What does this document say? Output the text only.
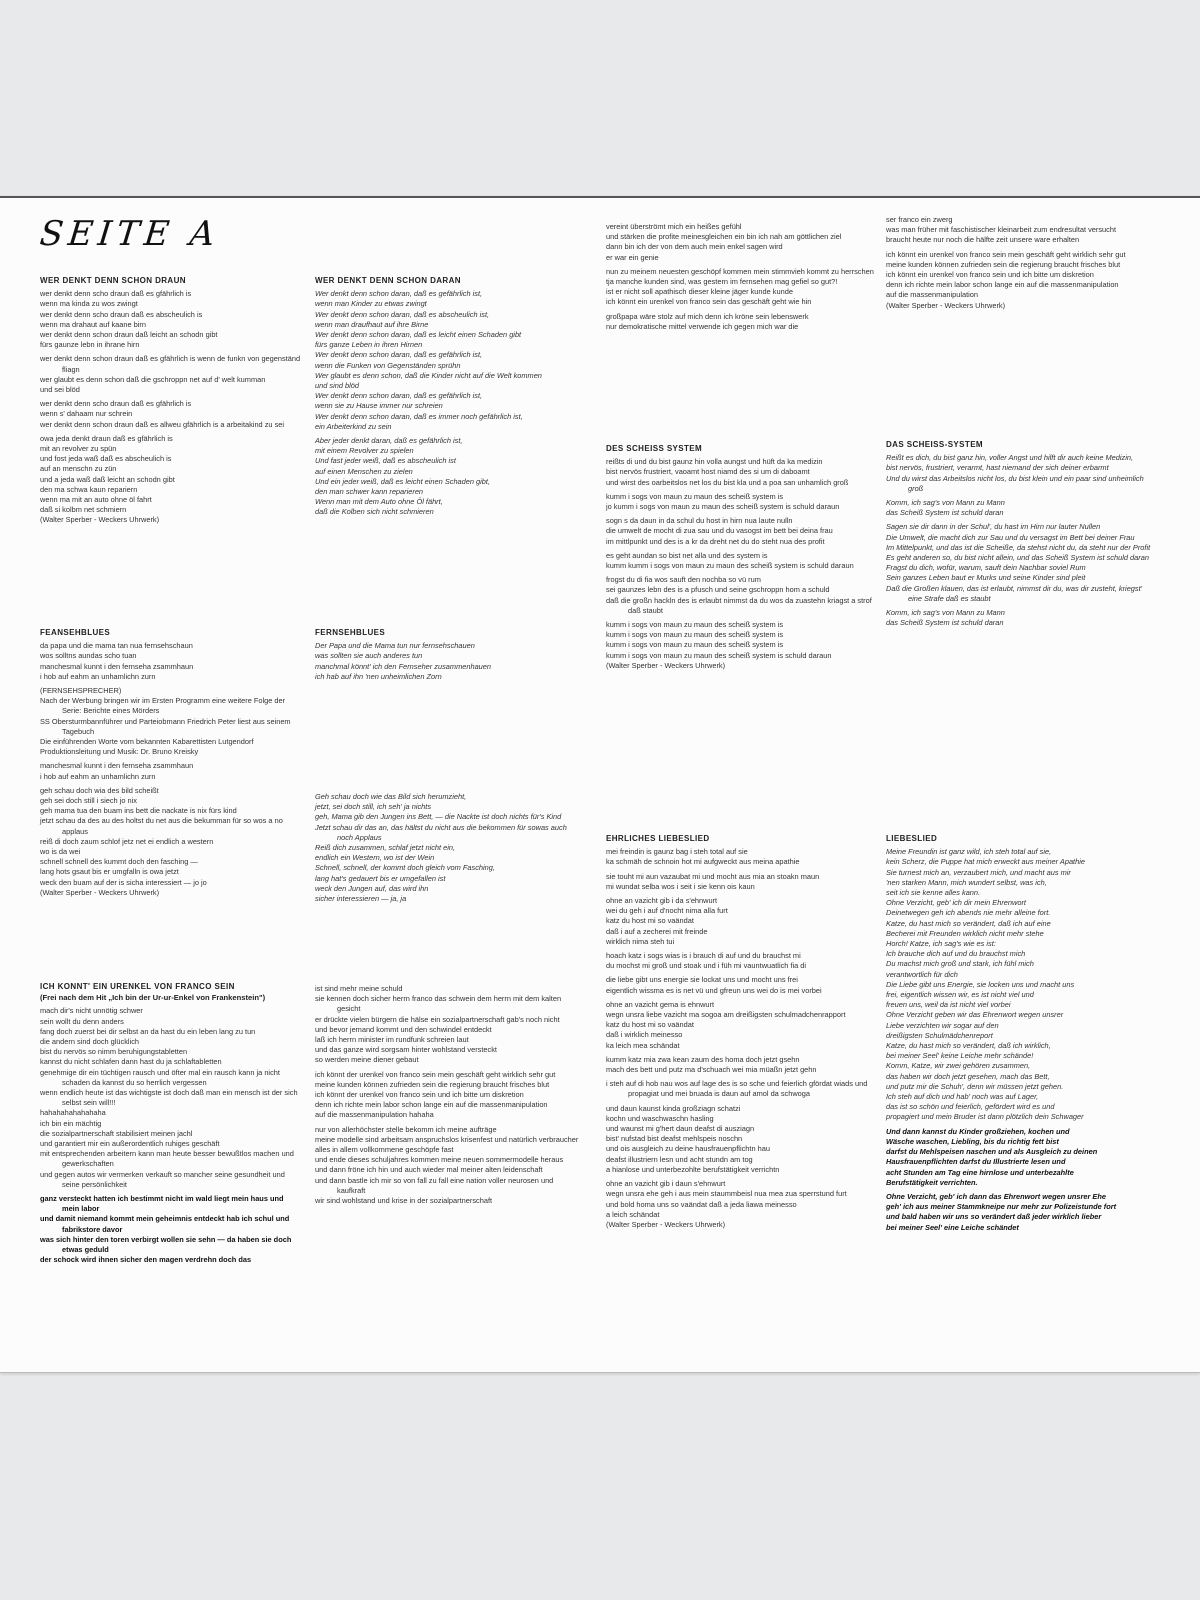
SEITE A
WER DENKT DENN SCHON DRAUN
wer denkt denn scho draun daß es gfährlich is
wenn ma kinda zu wos zwingt
wer denkt denn scho draun daß es abscheulich is
wenn ma drahaut auf kaane birn
wer denkt denn schon draun daß leicht an schodn gibt
fürs gaunze lebn in ihrane hirn
wer denkt denn schon draun daß es gfährlich is wenn de funkn von gegenständ fliagn
wer glaubt es denn schon daß die gschroppn net auf d' welt kumman
und sei blöd
wer denkt denn scho draun daß es gfährlich is
wenn s' dahaam nur schrein
wer denkt denn schon draun daß es allweu gfährlich is a arbeitakind zu sei
owa jeda denkt draun daß es gfährlich is
mit an revolver zu spün
und fost jeda waß daß es abscheulich is
auf an menschn zu zün
und a jeda waß daß leicht an schodn gibt
den ma schwa kaun repariern
wenn ma mit an auto ohne öl fahrt
daß si kolbm net schmiern
(Walter Sperber - Weckers Uhrwerk)
FEANSEHBLUES
da papa und die mama tan nua fernsehschaun
wos solltns aundas scho tuan
manchesmal kunnt i den fernseha zsammhaun
i hob auf eahm an unhamlichn zurn
(FERNSEHSPRECHER)
Nach der Werbung bringen wir im Ersten Programm eine weitere Folge der Serie: Berichte eines Mörders
SS Obersturmbannführer und Parteiobmann Friedrich Peter liest aus seinem Tagebuch
Die einführenden Worte vom bekannten Kabarettisten Lutgendorf
Produktionsleitung und Musik: Dr. Bruno Kreisky
manchesmal kunnt i den fernseha zsammhaun
i hob auf eahm an unhamlichn zurn
geh schau doch wia des bild scheißt
geh sei doch still i siech jo nix
geh mama tua den buam ins bett die nackate is nix fürs kind
jetzt schau da des au des holtst du net aus die bekumman für so wos a no applaus
reiß di doch zaum schlof jetz net ei endlich a western
wo is da wei
schnell schnell des kummt doch den fasching —
lang hots gsaut bis er umgfalln is owa jetzt
weck den buam auf der is sicha interessiert — jo jo
(Walter Sperber - Weckers Uhrwerk)
ICH KONNT' EIN URENKEL VON FRANCO SEIN
(Frei nach dem Hit „Ich bin der Ur-ur-Enkel von Frankenstein")
mach dir's nicht unnötig schwer
sein wollt du denn anders
fang doch zuerst bei dir selbst an da hast du ein leben lang zu tun
die andern sind doch glücklich
bist du nervös so nimm beruhigungstabletten
kannst du nicht schlafen dann hast du ja schlaftabletten
genehmige dir ein tüchtigen rausch und öfter mal ein rausch kann ja nicht schaden da kannst du so herrlich vergessen
wenn endlich heute ist das wichtigste ist doch daß man ein mensch ist der sich selbst sein will!!!
hahahahahahahaha
ich bin ein mächtig
die sozialpartnerschaft stabilisiert meinen jachl
und garantiert mir ein außerordentlich ruhiges geschäft
mit entsprechenden arbeitern kann man heute besser bewußtlos machen und gewerkschaften
und gegen autos wir vermerken verkauft so mancher seine gesundheit und seine persönlichkeit
ganz versteckt hatten ich bestimmt nicht im wald liegt mein haus und mein labor
und damit niemand kommt mein geheimnis entdeckt hab ich schul und fabrikstore davor
was sich hinter den toren verbirgt wollen sie sehn — da haben sie doch etwas geduld
der schock wird ihnen sicher den magen verdrehn doch das
WER DENKT DENN SCHON DARAN
Wer denkt denn schon daran, daß es gefährlich ist,
wenn man Kinder zu etwas zwingt
Wer denkt denn schon daran, daß es abscheulich ist,
wenn man draufhaut auf ihre Birne
Wer denkt denn schon daran, daß es leicht einen Schaden gibt
fürs ganze Leben in ihren Hirnen
Wer denkt denn schon daran, daß es gefährlich ist,
wenn die Funken von Gegenständen sprühn
Wer glaubt es denn schon, daß die Kinder nicht auf die Welt kommen
und sind blöd
Wer denkt denn schon daran, daß es gefährlich ist,
wenn sie zu Hause immer nur schreien
Wer denkt denn schon daran, daß es immer noch gefährlich ist,
ein Arbeiterkind zu sein
Aber jeder denkt daran, daß es gefährlich ist,
mit einem Revolver zu spielen
Und fast jeder weiß, daß es abscheulich ist
auf einen Menschen zu zielen
Und ein jeder weiß, daß es leicht einen Schaden gibt,
den man schwer kann reparieren
Wenn man mit dem Auto ohne Öl fährt,
daß die Kolben sich nicht schmieren
FERNSEHBLUES
Der Papa und die Mama tun nur fernsehschauen
was sollten sie auch anderes tun
manchmal könnt' ich den Fernseher zusammenhauen
ich hab auf ihn 'nen unheimlichen Zorn
Geh schau doch wie das Bild sich herumzieht,
jetzt, sei doch still, ich seh' ja nichts
geh, Mama gib den Jungen ins Bett, — die Nackte ist doch nichts für's Kind
Jetzt schau dir das an, das hältst du nicht aus die bekommen für sowas auch noch Applaus
Reiß dich zusammen, schlaf jetzt nicht ein,
endlich ein Western, wo ist der Wein
Schnell, schnell, der kommt doch gleich vom Fasching,
lang hat's gedauert bis er umgefallen ist
weck den Jungen auf, das wird ihn
sicher interessieren — ja, ja
ist sind mehr meine schuld
sie kennen doch sicher herrn franco das schwein dem herrn mit dem kalten gesicht
er drückte vielen bürgern die hälse ein sozialpartnerschaft gab's noch nicht
und bevor jemand kommt und den schwindel entdeckt
laß ich herrn minister im rundfunk schreien laut
und das ganze wird sorgsam hinter wohlstand versteckt
so werden meine diener gebaut
ich könnt der urenkel von franco sein mein geschäft geht wirklich sehr gut
meine kunden können zufrieden sein die regierung braucht frisches blut
ich könnt der urenkel von franco sein und ich bitte um diskretion
denn ich richte mein labor schon lange ein auf die massenmanipulation
auf die massenmanipulation hahaha
nur von allerhöchster stelle bekomm ich meine aufträge
meine modelle sind arbeitsam anspruchslos krisenfest und natürlich verbraucher
alles in allem vollkommene geschöpfe fast
und ende dieses schuljahres kommen meine neuen sommermodelle heraus
und dann fröne ich hin und auch wieder mal meiner alten leidenschaft
und dann bastle ich mir so von fall zu fall eine nation voller neurosen und kaufkraft
wir sind wohlstand und krise in der sozialpartnerschaft
vereint überströmt mich ein heißes gefühl
und stärken die profite meinesgleichen ein bin ich nah am göttlichen ziel
dann bin ich der von dem auch mein enkel sagen wird
er war ein genie
nun zu meinem neuesten geschöpf kommen mein stimmvieh kommt zu herrschen
tja manche kunden sind, was gestern im fernsehen mag gefiel so gut?!
ist er nicht soll apathisch dieser kleine jäger kunde kunde
ich könnt ein urenkel von franco sein das geschäft geht wie hin
großpapa wäre stolz auf mich denn ich kröne sein lebenswerk
nur demokratische mittel verwende ich gegen mich war die
DES SCHEISS SYSTEM
reißts di und du bist gaunz hin volla aungst und hüft da ka medizin
bist nervös frustriert, vaoamt host niamd des si um di daboamt
und wirst des oarbeitslos net los du bist kla und a poa san unhamlich groß
kumm i sogs von maun zu maun des scheiß system is
jo kumm i sogs von maun zu maun des scheiß system is schuld daraun
sogn s da daun in da schul du host in hirn nua laute nulln
die umwelt de mocht di zua sau und du vasogst im bett bei deina frau
im mittlpunkt und des is a kr da dreht net du do steht nua des profit
es geht aundan so bist net alla und des system is
kumm kumm i sogs von maun zu maun des scheiß system is schuld daraun
frogst du di fia wos sauft den nochba so vü rum
sei gaunzes lebn des is a pfusch und seine gschroppn hom a schuld
daß die großn hackln des is erlaubt nimmst da du wos da zuastehn kriagst a strof daß staubt
kumm i sogs von maun zu maun des scheiß system is
kumm i sogs von maun zu maun des scheiß system is
kumm i sogs von maun zu maun des scheiß system is
kumm i sogs von maun zu maun des scheiß system is schuld daraun
(Walter Sperber - Weckers Uhrwerk)
EHRLICHES LIEBESLIED
mei freindin is gaunz bag i steh total auf sie
ka schmäh de schnoin hot mi aufgweckt aus meina apathie
sie touht mi aun vazaubat mi und mocht aus mia an stoakn maun
mi wundat selba wos i seit i sie kenn ois kaun
ohne an vazicht gib i da s'ehnwurt
wei du geh i auf d'nocht nima alla furt
katz du host mi so vaändat
daß i auf a zecherei mit freinde
wirklich nima steh tui
hoach katz i sogs wias is i brauch di auf und du brauchst mi
du mochst mi groß und stoak und i füh mi vauntwuatlich fia di
die liebe gibt uns energie sie lockat uns und mocht uns frei
eigentlich wissma es is net vü und gfreun uns wei do is mei vorbei
ohne an vazicht gema is ehnwurt
wegn unsra liebe vazicht ma sogoa am dreißigsten schulmadchenrapport
katz du host mi so vaändat
daß i wirklich meinesso
ka leich mea schändat
kumm katz mia zwa kean zaum des homa doch jetzt gsehn
mach des bett und putz ma d'schuach wei mia müaßn jetzt gehn
i steh auf di hob nau wos auf lage des is so sche und feierlich gfördat wiads und propagiat und mei bruada is daun auf amol da schwoga
und daun kaunst kinda großziagn schatzi
kochn und waschwaschn hasling
und waunst mi g'hert daun deafst di ausziagn
bist' nufstad bist deafst mehlspeis noschn
und ois ausgleich zu deine hausfrauenpflichtn hau
deafst illustriern lesn und acht stundn am tog
a hianlose und unterbezohlte berufstätigkeit verrichtn
ohne an vazicht gib i daun s'ehnwurt
wegn unsra ehe geh i aus mein staummbeisl nua mea zua sperrstund furt
und bold homa uns so vaändat daß a jeda liawa meinesso
a leich schändat
(Walter Sperber - Weckers Uhrwerk)
ser franco ein zwerg
was man früher mit faschistischer kleinarbeit zum endresultat versucht
braucht heute nur noch die hälfte zeit unsere ware erhalten
ich könnt ein urenkel von franco sein mein geschäft geht wirklich sehr gut
meine kunden können zufrieden sein die regierung braucht frisches blut
ich könnt ein urenkel von franco sein und ich bitte um diskretion
denn ich richte mein labor schon lange ein auf die massenmanipulation
auf die massenmanipulation
(Walter Sperber - Weckers Uhrwerk)
DAS SCHEISS-SYSTEM
Reißt es dich, du bist ganz hin, voller Angst und hilft dir auch keine Medizin,
bist nervös, frustriert, verarmt, hast niemand der sich deiner erbarmt
Und du wirst das Arbeitslos nicht los, du bist klein und ein paar sind unheimlich groß
Komm, ich sag's von Mann zu Mann
das Scheiß System ist schuld daran
Sagen sie dir dann in der Schul', du hast im Hirn nur lauter Nullen
Die Umwelt, die macht dich zur Sau und du versagst im Bett bei deiner Frau
Im Mittelpunkt, und das ist die Scheiße, da stehst nicht du, da steht nur der Profit
Es geht anderen so, du bist nicht allein, und das Scheiß System ist schuld daran
Fragst du dich, wofür, warum, sauft dein Nachbar soviel Rum
Sein ganzes Leben baut er Murks und seine Kinder sind pleit
Daß die Großen klauen, das ist erlaubt, nimmst dir du, was dir zusteht, kriegst' eine Strafe daß es staubt
Komm, ich sag's von Mann zu Mann
das Scheiß System ist schuld daran
LIEBESLIED
Meine Freundin ist ganz wild, ich steh total auf sie,
kein Scherz, die Puppe hat mich erweckt aus meiner Apathie
Sie turnest mich an, verzaubert mich, und macht aus mir
'nen starken Mann, mich wundert selbst, was ich,
seit ich sie kenne alles kann.
Ohne Verzicht, geb' ich dir mein Ehrenwort
Deinetwegen geh ich abends nie mehr alleine fort.
Katze, du hast mich so verändert, daß ich auf eine
Becherei mit Freunden wirklich nicht mehr stehe
Horch! Katze, ich sag's wie es ist:
Ich brauche dich auf und du brauchst mich
Du machst mich groß und stark, ich fühl mich
verantwortlich für dich
Die Liebe gibt uns Energie, sie locken uns und macht uns
frei, eigentlich wissen wir, es ist nicht viel und
freuen uns, weil da ist nicht viel vorbei
Ohne Verzicht geben wir das Ehrenwort wegen unsrer
Liebe verzichten wir sogar auf den
dreißigsten Schulmädchenreport
Katze, du hast mich so verändert, daß ich wirklich,
bei meiner Seel' keine Leiche mehr schände!
Komm, Katze, wir zwei gehören zusammen,
das haben wir doch jetzt gesehen, mach das Bett,
und putz mir die Schuh', denn wir müssen jetzt gehen.
Ich steh auf dich und hab' noch was auf Lager,
das ist so schön und feierlich, gefördert wird es und
propagiert und mein Bruder ist dann plötzlich dein Schwager
Und dann kannst du Kinder großziehen, kochen und
Wäsche waschen, Liebling, bis du richtig fett bist
darfst du Mehlspeisen naschen und als Ausgleich zu deinen
Hausfrauenpflichten darfst du Illustrierte lesen und
acht Stunden am Tag eine hirnlose und unterbezahlte
Berufstätigkeit verrichten.
Ohne Verzicht, geb' ich dann das Ehrenwort wegen unsrer Ehe
geh' ich aus meiner Stammkneipe nur mehr zur Polizeistunde fort
und bald haben wir uns so verändert daß jeder wirklich lieber
bei meiner Seel' eine Leiche schändet
